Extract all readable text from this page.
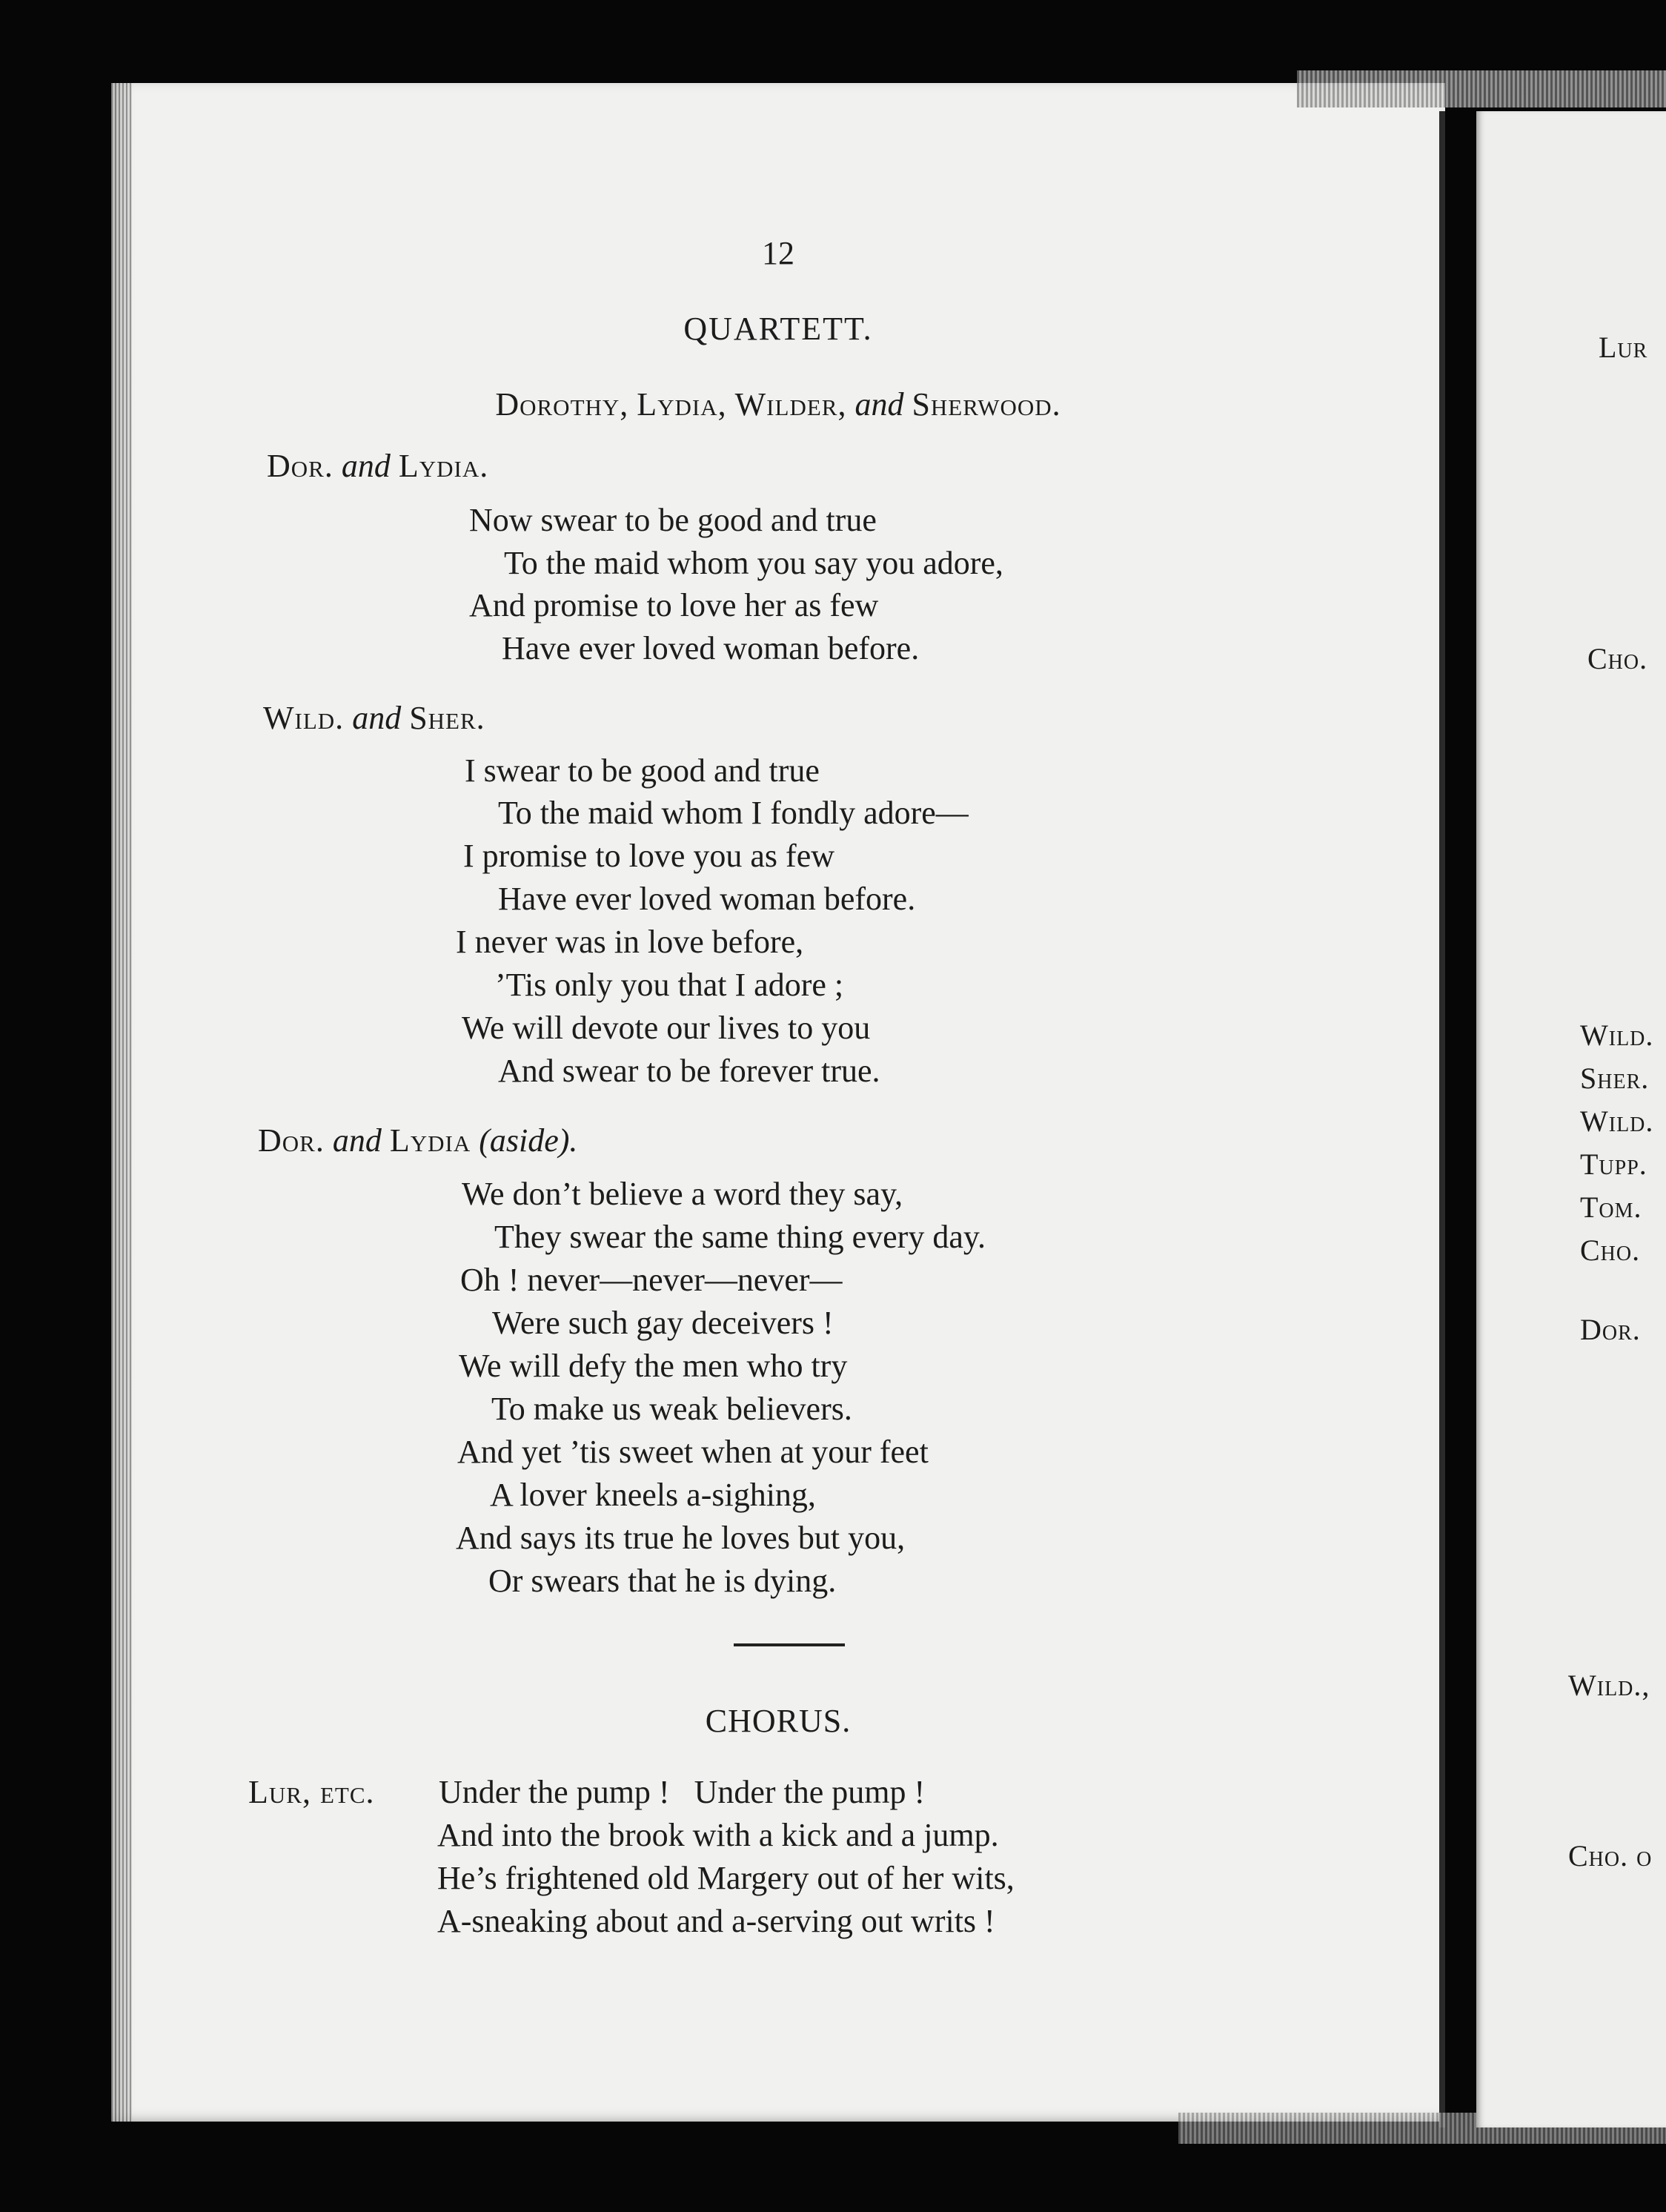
12
QUARTETT.
Dorothy, Lydia, Wilder, and Sherwood.
Dor. and Lydia.
Now swear to be good and true
To the maid whom you say you adore,
And promise to love her as few
Have ever loved woman before.
Wild. and Sher.
I swear to be good and true
To the maid whom I fondly adore—
I promise to love you as few
Have ever loved woman before.
I never was in love before,
’Tis only you that I adore ;
We will devote our lives to you
And swear to be forever true.
Dor. and Lydia (aside).
We don’t believe a word they say,
They swear the same thing every day.
Oh ! never—never—never—
Were such gay deceivers !
We will defy the men who try
To make us weak believers.
And yet ’tis sweet when at your feet
A lover kneels a-sighing,
And says its true he loves but you,
Or swears that he is dying.
CHORUS.
Lur, etc. Under the pump !   Under the pump !
And into the brook with a kick and a jump.
He’s frightened old Margery out of her wits,
A-sneaking about and a-serving out writs !
Lur
Cho.
Wild.
Sher.
Wild.
Tupp.
Tom.
Cho.
Dor.
Wild.,
Cho. o
